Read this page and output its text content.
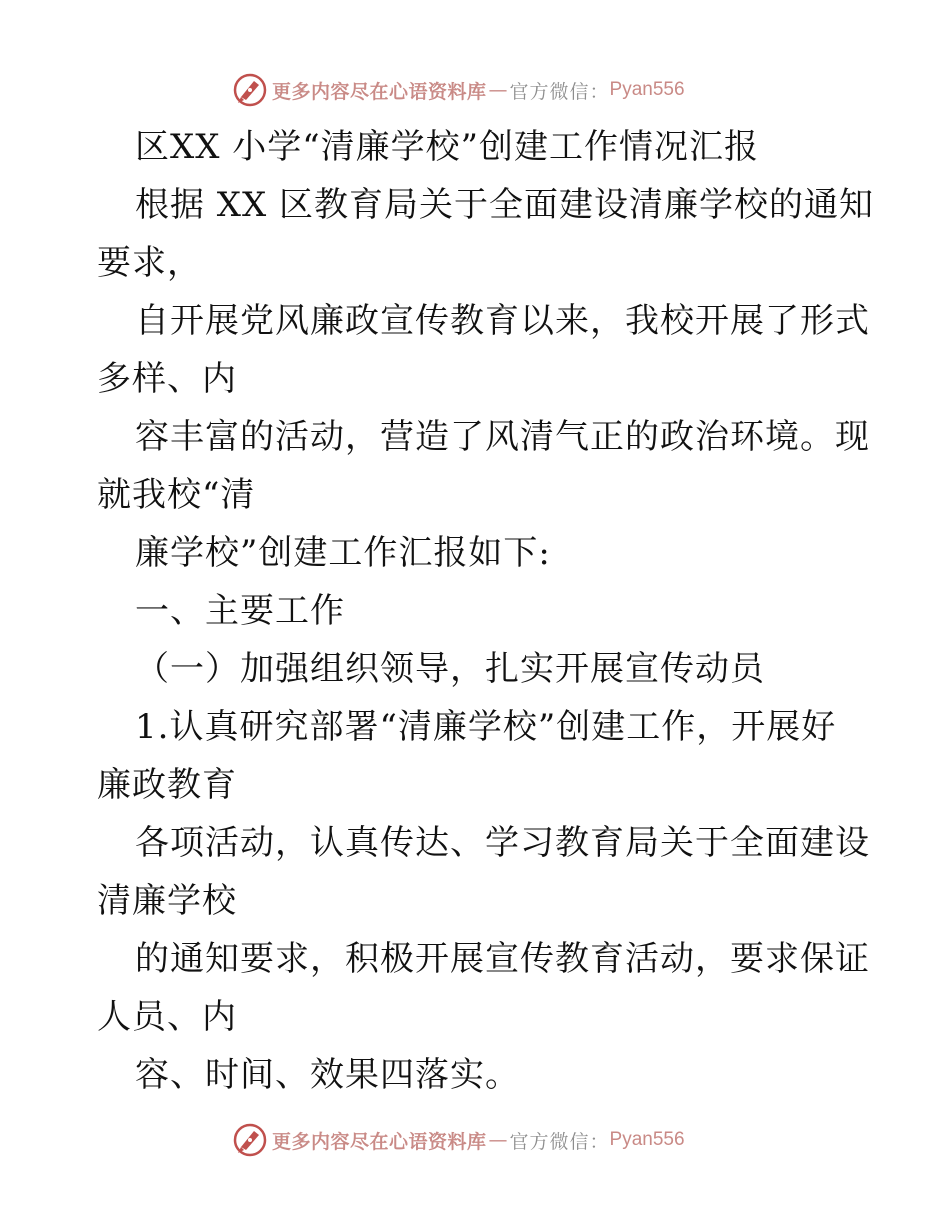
更多内容尽在心语资料库 — 官方微信： Pyan556
区XX 小学“清廉学校”创建工作情况汇报
根据 XX 区教育局关于全面建设清廉学校的通知
要求，
自开展党风廉政宣传教育以来，我校开展了形式
多样、内
容丰富的活动，营造了风清气正的政治环境。现
就我校“清
廉学校”创建工作汇报如下:
一、主要工作
（一）加强组织领导，扎实开展宣传动员
1.认真研究部署“清廉学校”创建工作，开展好
廉政教育
各项活动，认真传达、学习教育局关于全面建设
清廉学校
的通知要求，积极开展宣传教育活动，要求保证
人员、内
容、时间、效果四落实。
更多内容尽在心语资料库 — 官方微信： Pyan556
